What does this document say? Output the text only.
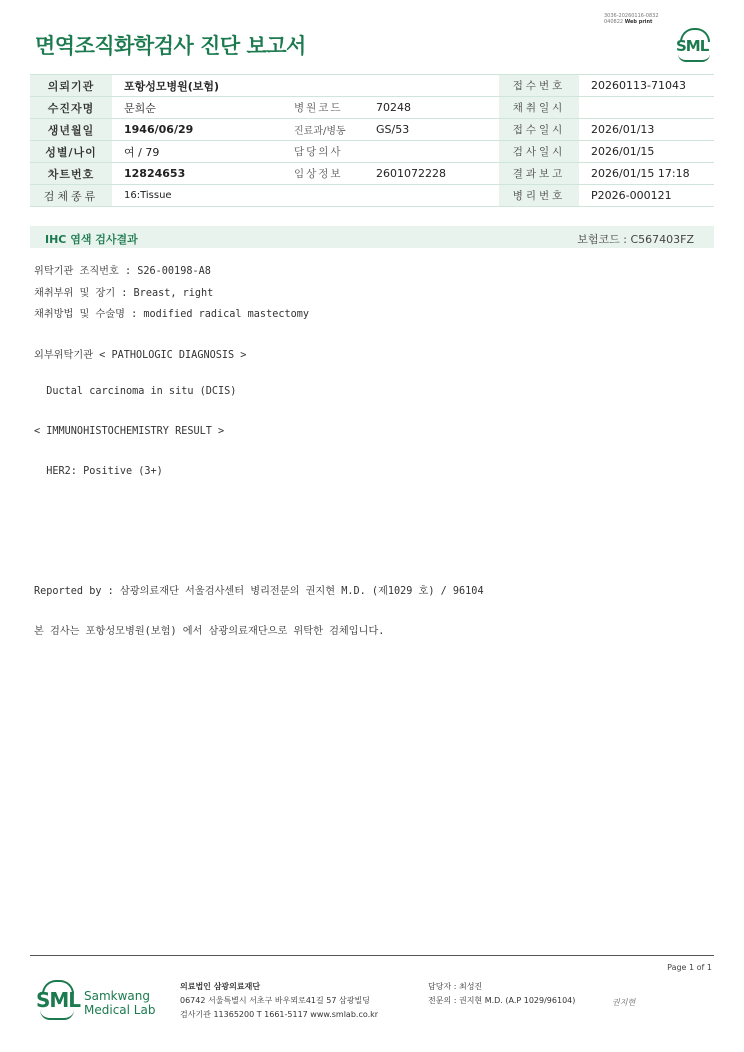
면역조직화학검사 진단 보고서
3036-20260116-0832
040822 Web print
SML
의뢰기관	포항성모병원(보험)			접수번호	20260113-71043
수진자명	문희순	병원코드	70248	채취일시	
생년월일	1946/06/29	진료과/병동	GS/53	접수일시	2026/01/13
성별/나이	여 / 79	담당의사		검사일시	2026/01/15
차트번호	12824653	임상정보	2601072228	결과보고	2026/01/15 17:18
검체종류	16:Tissue			병리번호	P2026-000121
IHC 염색 검사결과	보험코드 : C567403FZ
위탁기관 조직번호 : S26-00198-A8
채취부위 및 장기 : Breast, right
채취방법 및 수술명 : modified radical mastectomy
외부위탁기관 < PATHOLOGIC DIAGNOSIS >
Ductal carcinoma in situ (DCIS)
< IMMUNOHISTOCHEMISTRY RESULT >
HER2: Positive (3+)
Reported by : 삼광의료재단 서울검사센터 병리전문의 권지현 M.D. (제1029 호) / 96104
본 검사는 포항성모병원(보험) 에서 삼광의료재단으로 위탁한 검체입니다.
Page 1 of 1
SML Samkwang
Medical Lab
의료법인 삼광의료재단
06742 서울특별시 서초구 바우뫼로41길 57 삼광빌딩
검사기관 11365200 T 1661-5117 www.smlab.co.kr
담당자 : 최성진
전문의 : 권지현 M.D. (A.P 1029/96104)	권지현
